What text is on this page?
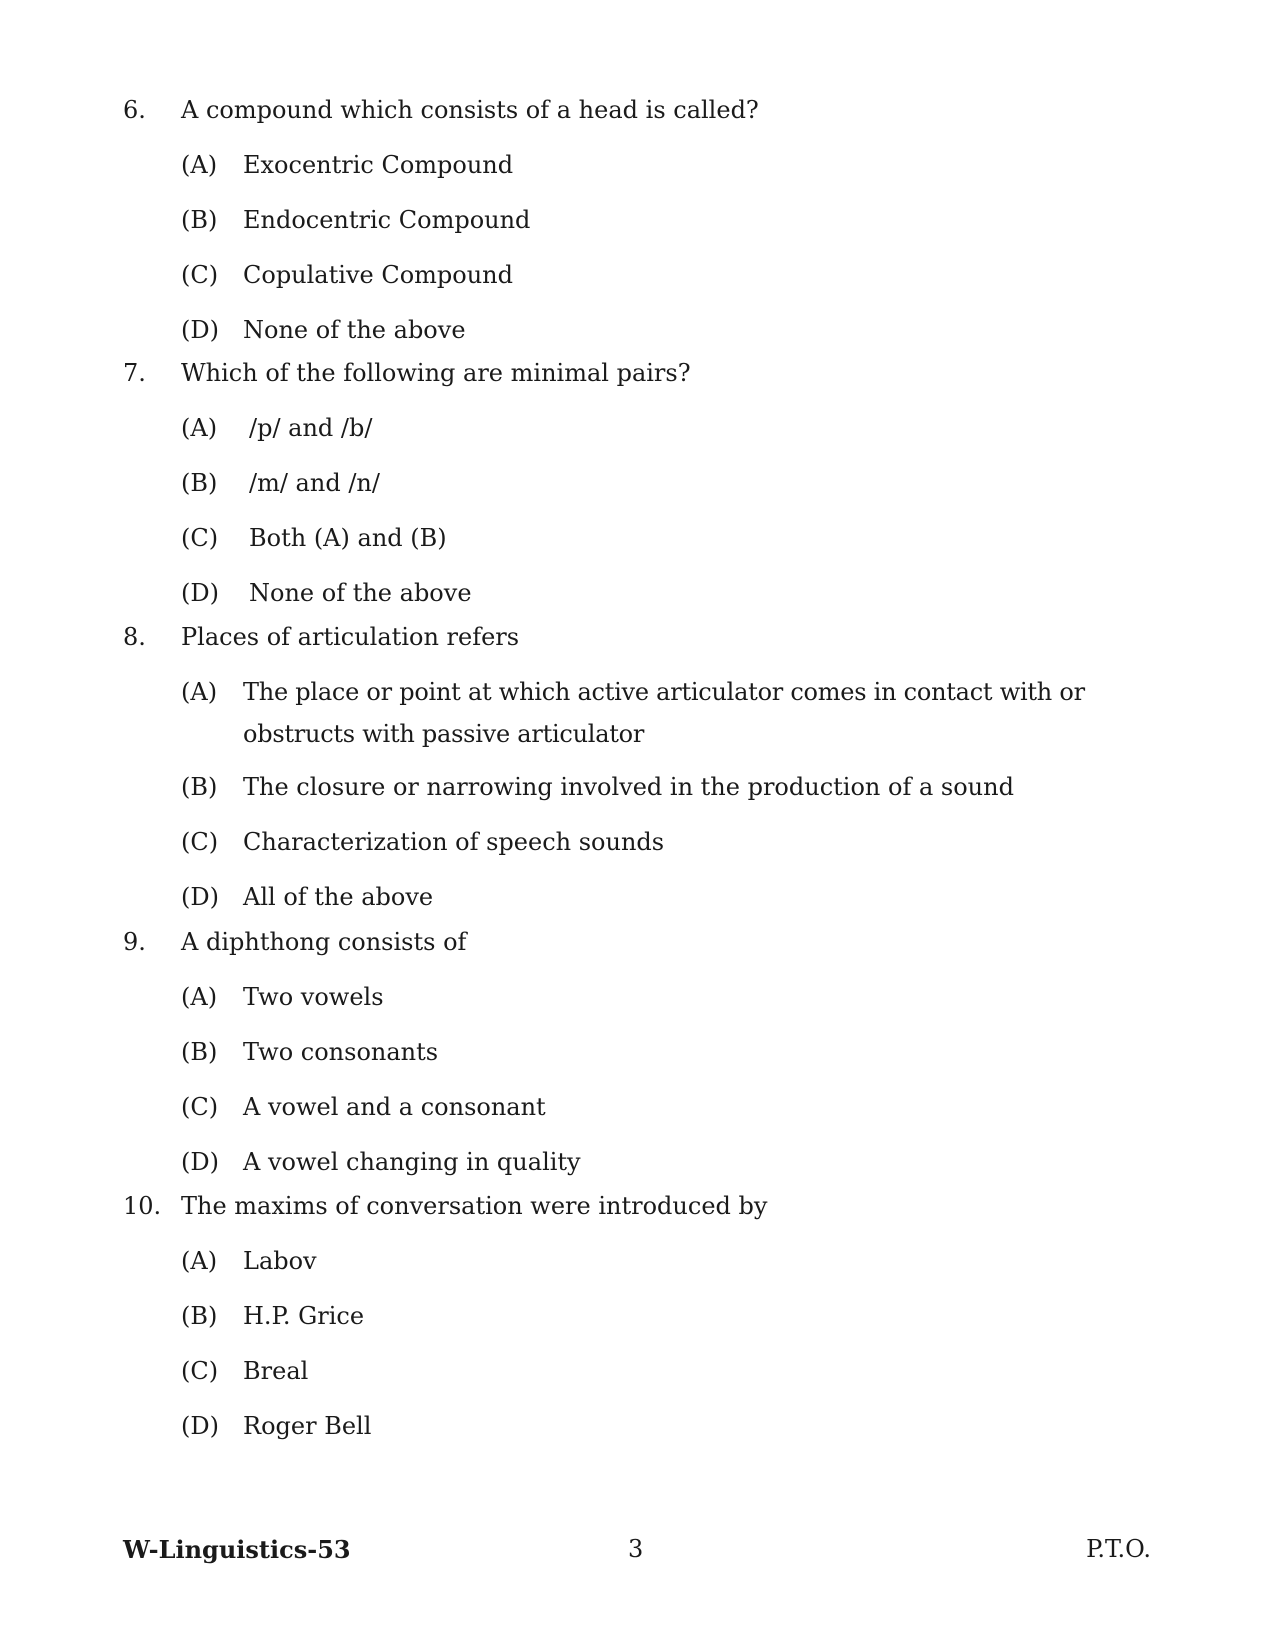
6.	A compound which consists of a head is called?
(A)	Exocentric Compound
(B)	Endocentric Compound
(C)	Copulative Compound
(D)	None of the above
7.	Which of the following are minimal pairs?
(A)	/p/ and /b/
(B)	/m/ and /n/
(C)	Both (A) and (B)
(D)	None of the above
8.	Places of articulation refers
(A)	The place or point at which active articulator comes in contact with or obstructs with passive articulator
(B)	The closure or narrowing involved in the production of a sound
(C)	Characterization of speech sounds
(D)	All of the above
9.	A diphthong consists of
(A)	Two vowels
(B)	Two consonants
(C)	A vowel and a consonant
(D)	A vowel changing in quality
10. The maxims of conversation were introduced by
(A)	Labov
(B)	H.P. Grice
(C)	Breal
(D)	Roger Bell
W-Linguistics-53	3	P.T.O.
